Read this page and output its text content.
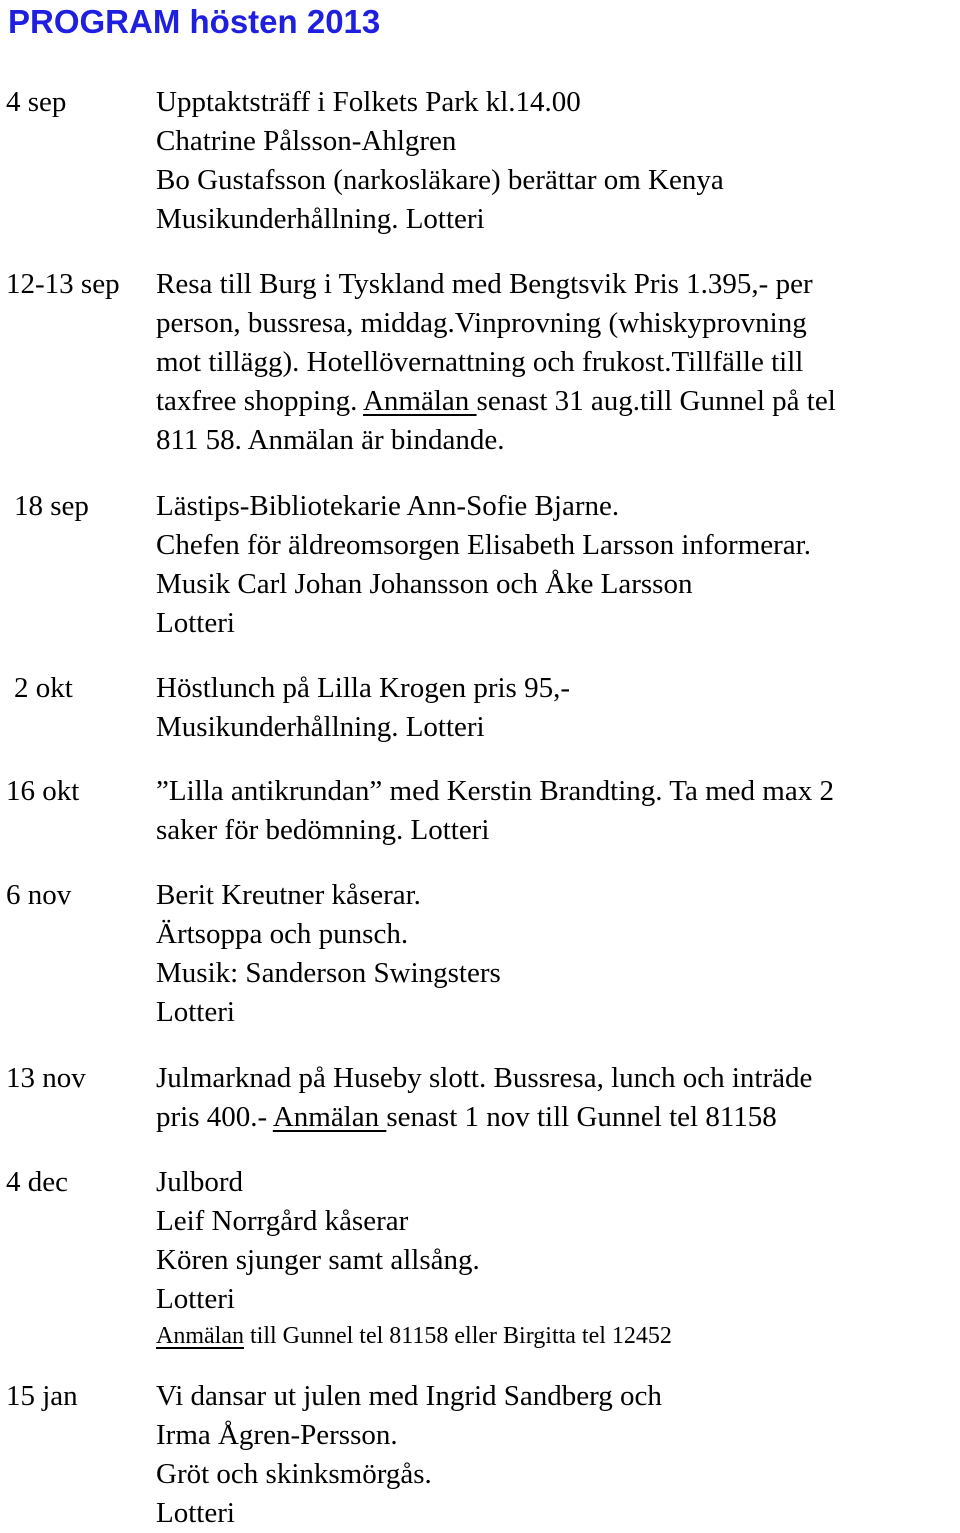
PROGRAM hösten 2013
4 sep	Upptaktsträff i Folkets Park kl.14.00
Chatrine Pålsson-Ahlgren
Bo Gustafsson (narkosläkare) berättar om Kenya
Musikunderhållning. Lotteri
12-13 sep Resa till Burg i Tyskland med Bengtsvik Pris 1.395,- per
person, bussresa, middag.Vinprovning (whiskyprovning
mot tillägg). Hotellövernattning och frukost.Tillfälle till
taxfree shopping. Anmälan senast 31 aug.till Gunnel på tel
811 58. Anmälan är bindande.
18 sep Lästips-Bibliotekarie Ann-Sofie Bjarne.
Chefen för äldreomsorgen Elisabeth Larsson informerar.
Musik Carl Johan Johansson och Åke Larsson
Lotteri
2 okt	Höstlunch på Lilla Krogen pris 95,-
Musikunderhållning. Lotteri
16 okt	”Lilla antikrundan” med Kerstin Brandting. Ta med max 2
saker för bedömning. Lotteri
6 nov	Berit Kreutner kåserar.
Ärtsoppa och punsch.
Musik: Sanderson Swingsters
Lotteri
13 nov Julmarknad på Huseby slott. Bussresa, lunch och inträde
pris 400.- Anmälan senast 1 nov till Gunnel tel 81158
4 dec	Julbord
Leif Norrgård kåserar
Kören sjunger samt allsång.
Lotteri
Anmälan till Gunnel tel 81158 eller Birgitta tel 12452
15 jan	Vi dansar ut julen med Ingrid Sandberg och
Irma Ågren-Persson.
Gröt och skinksmörgås.
Lotteri
